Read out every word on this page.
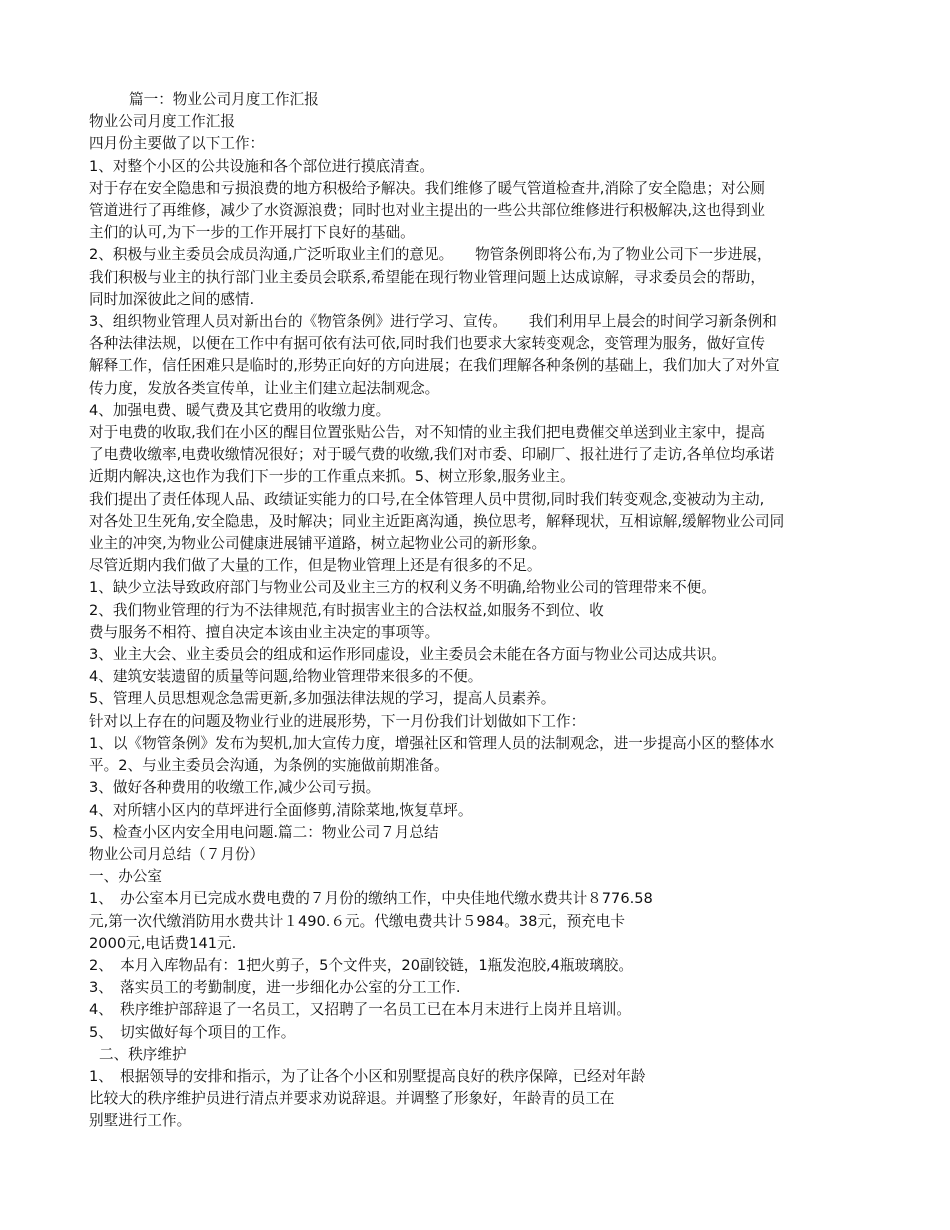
篇一：物业公司月度工作汇报

物业公司月度工作汇报

四月份主要做了以下工作：

1、对整个小区的公共设施和各个部位进行摸底清查。

对于存在安全隐患和亏损浪费的地方积极给予解决。我们维修了暖气管道检查井,消除了安全隐患；对公厕

管道进行了再维修，减少了水资源浪费；同时也对业主提出的一些公共部位维修进行积极解决,这也得到业

主们的认可,为下一步的工作开展打下良好的基础。

2、积极与业主委员会成员沟通,广泛听取业主们的意见。　　物管条例即将公布,为了物业公司下一步进展，

我们积极与业主的执行部门业主委员会联系,希望能在现行物业管理问题上达成谅解，寻求委员会的帮助，

同时加深彼此之间的感情.

3、组织物业管理人员对新出台的《物管条例》进行学习、宣传。　　我们利用早上晨会的时间学习新条例和

各种法律法规，以便在工作中有据可依有法可依,同时我们也要求大家转变观念，变管理为服务，做好宣传

解释工作，信任困难只是临时的,形势正向好的方向进展；在我们理解各种条例的基础上，我们加大了对外宣

传力度，发放各类宣传单，让业主们建立起法制观念。

4、加强电费、暖气费及其它费用的收缴力度。

对于电费的收取,我们在小区的醒目位置张贴公告，对不知情的业主我们把电费催交单送到业主家中，提高

了电费收缴率,电费收缴情况很好；对于暖气费的收缴,我们对市委、印刷厂、报社进行了走访,各单位均承诺

近期内解决,这也作为我们下一步的工作重点来抓。5、树立形象,服务业主。

我们提出了责任体现人品、政绩证实能力的口号,在全体管理人员中贯彻,同时我们转变观念,变被动为主动,

对各处卫生死角,安全隐患，及时解决；同业主近距离沟通，换位思考，解释现状，互相谅解,缓解物业公司同

业主的冲突,为物业公司健康进展铺平道路，树立起物业公司的新形象。

尽管近期内我们做了大量的工作，但是物业管理上还是有很多的不足。

1、缺少立法导致政府部门与物业公司及业主三方的权利义务不明确,给物业公司的管理带来不便。

2、我们物业管理的行为不法律规范,有时损害业主的合法权益,如服务不到位、收

费与服务不相符、擅自决定本该由业主决定的事项等。

3、业主大会、业主委员会的组成和运作形同虚设，业主委员会未能在各方面与物业公司达成共识。

4、建筑安装遗留的质量等问题,给物业管理带来很多的不便。

5、管理人员思想观念急需更新,多加强法律法规的学习，提高人员素养。

针对以上存在的问题及物业行业的进展形势，下一月份我们计划做如下工作：

1、以《物管条例》发布为契机,加大宣传力度，增强社区和管理人员的法制观念，进一步提高小区的整体水

平。2、与业主委员会沟通，为条例的实施做前期准备。

3、做好各种费用的收缴工作,减少公司亏损。

4、对所辖小区内的草坪进行全面修剪,清除菜地,恢复草坪。

5、检查小区内安全用电问题.篇二：物业公司７月总结

物业公司月总结（７月份）

一、办公室

1、　办公室本月已完成水费电费的７月份的缴纳工作，中央佳地代缴水费共计８776.58

元,第一次代缴消防用水费共计１490.６元。代缴电费共计５984。38元，预充电卡

2000元,电话费141元.

2、　本月入库物品有：1把火剪子，5个文件夹，20副铰链，1瓶发泡胶,4瓶玻璃胶。

3、　落实员工的考勤制度，进一步细化办公室的分工工作.

4、　秩序维护部辞退了一名员工，又招聘了一名员工已在本月末进行上岗并且培训。

5、　切实做好每个项目的工作。

二、秩序维护

1、　根据领导的安排和指示，为了让各个小区和别墅提高良好的秩序保障，已经对年龄

比较大的秩序维护员进行清点并要求劝说辞退。并调整了形象好，年龄青的员工在

别墅进行工作。
